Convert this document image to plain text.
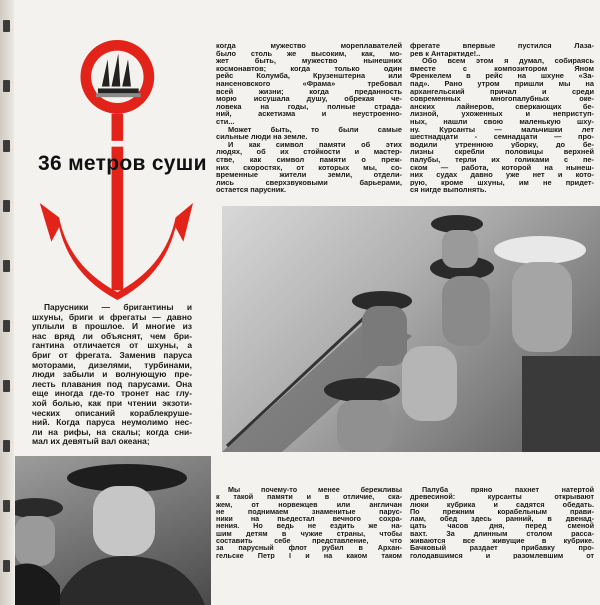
36 метров суши
Парусники — бригантины и
шхуны, бриги и фрегаты — давно
уплыли в прошлое. И многие из
нас вряд ли объяснят, чем бри-
гантина отличается от шхуны, а
бриг от фрегата. Заменив паруса
моторами, дизелями, турбинами,
люди забыли и волнующую пре-
лесть плавания под парусами. Она
еще иногда где-то тронет нас глу-
хой болью, как при чтении экзоти-
ческих описаний кораблекруше-
ний. Когда паруса неумолимо нес-
ли на рифы, на скалы; когда сни-
мал их девятый вал океана;
когда мужество мореплавателей
было столь же высоким, как, мо-
жет быть, мужество нынешних
космонавтов; когда только один
рейс Колумба, Крузенштерна или
нансеновского «Фрама» требовал
всей жизни; когда преданность
морю иссушала душу, обрекая че-
ловека на годы, полные страда-
ний, аскетизма и неустроенно-
сти...
Может быть, то были самые
сильные люди на земле.
И как символ памяти об этих
людях, об их стойкости и мастер-
стве, как символ памяти о преж-
них скоростях, от которых мы, со-
временные жители земли, отдели-
лись сверхзвуковыми барьерами,
остается парусник.
фрегате впервые пустился Лаза-
рев к Антарктиде!..
Обо всем этом я думал, собираясь
вместе с композитором Яном
Френкелем в рейс на шхуне «За-
пад». Рано утром пришли мы на
архангельский причал и среди
современных многопалубных оке-
анских лайнеров, сверкающих бе-
лизной, ухоженных и неприступ-
ных, нашли свою маленькую шху-
ну. Курсанты — мальчишки лет
шестнадцати - семнадцати — про-
водили утреннюю уборку, до бе-
лизны скребли половицы верхней
палубы, терли их голиками с пе-
ском — работа, которой на нынеш-
них судах давно уже нет и кото-
рую, кроме шхуны, им не придет-
ся нигде выполнять.
Мы почему-то менее бережливы
к такой памяти и в отличие, ска-
жем, от норвежцев или англичан
не поднимаем знаменитые парус-
ники на пьедестал вечного сохра-
нения. Но ведь не ездить же на-
шим детям в чужие страны, чтобы
составить себе представление, что
за парусный флот рубил в Архан-
гельске Петр I и на каком таком
Палуба пряно пахнет натертой
древесиной: курсанты открывают
люки кубрика и садятся обедать.
По прежним корабельным прави-
лам, обед здесь ранний, в двенад-
цать часов дня, перед сменой
вахт. За длинным столом расса-
живаются все живущие в кубрике.
Бачковый раздает прибавку про-
голодавшимся и разомлевшим от
